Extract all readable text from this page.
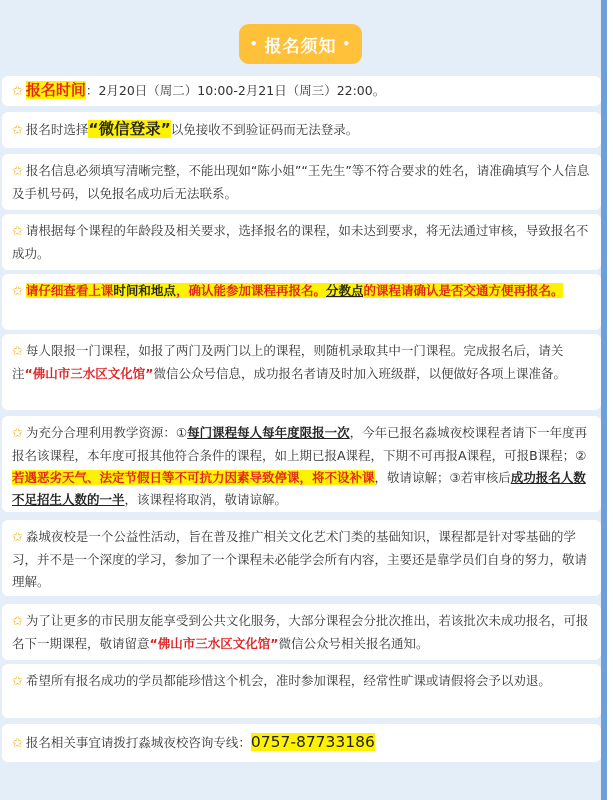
• 报名须知 •
✩ 报名时间：2月20日（周二）10:00-2月21日（周三）22:00。
✩ 报名时选择“微信登录”以免接收不到验证码而无法登录。
✩ 报名信息必须填写清晰完整，不能出现如“陈小姐”“王先生”等不符合要求的姓名，请准确填写个人信息及手机号码，以免报名成功后无法联系。
✩ 请根据每个课程的年龄段及相关要求，选择报名的课程，如未达到要求，将无法通过审核，导致报名不成功。
✩ 请仔细查看上课时间和地点，确认能参加课程再报名。分教点的课程请确认是否交通方便再报名。
✩ 每人限报一门课程，如报了两门及两门以上的课程，则随机录取其中一门课程。完成报名后，请关注“佛山市三水区文化馆”微信公众号信息，成功报名者请及时加入班级群，以便做好各项上课准备。
✩ 为充分合理利用教学资源：①每门课程每人每年度限报一次，今年已报名淼城夜校课程者请下一年度再报名该课程，本年度可报其他符合条件的课程，如上期已报A课程，下期不可再报A课程，可报B课程；②若遇恶劣天气、法定节假日等不可抗力因素导致停课，将不设补课，敬请谅解；③若审核后成功报名人数不足招生人数的一半，该课程将取消，敬请谅解。
✩ 淼城夜校是一个公益性活动，旨在普及推广相关文化艺术门类的基础知识，课程都是针对零基础的学习，并不是一个深度的学习，参加了一个课程未必能学会所有内容，主要还是靠学员们自身的努力，敬请理解。
✩ 为了让更多的市民朋友能享受到公共文化服务，大部分课程会分批次推出，若该批次未成功报名，可报名下一期课程，敬请留意“佛山市三水区文化馆”微信公众号相关报名通知。
✩ 希望所有报名成功的学员都能珍惜这个机会，准时参加课程，经常性旷课或请假将会予以劝退。
✩ 报名相关事宜请拨打淼城夜校咨询专线：0757-87733186
